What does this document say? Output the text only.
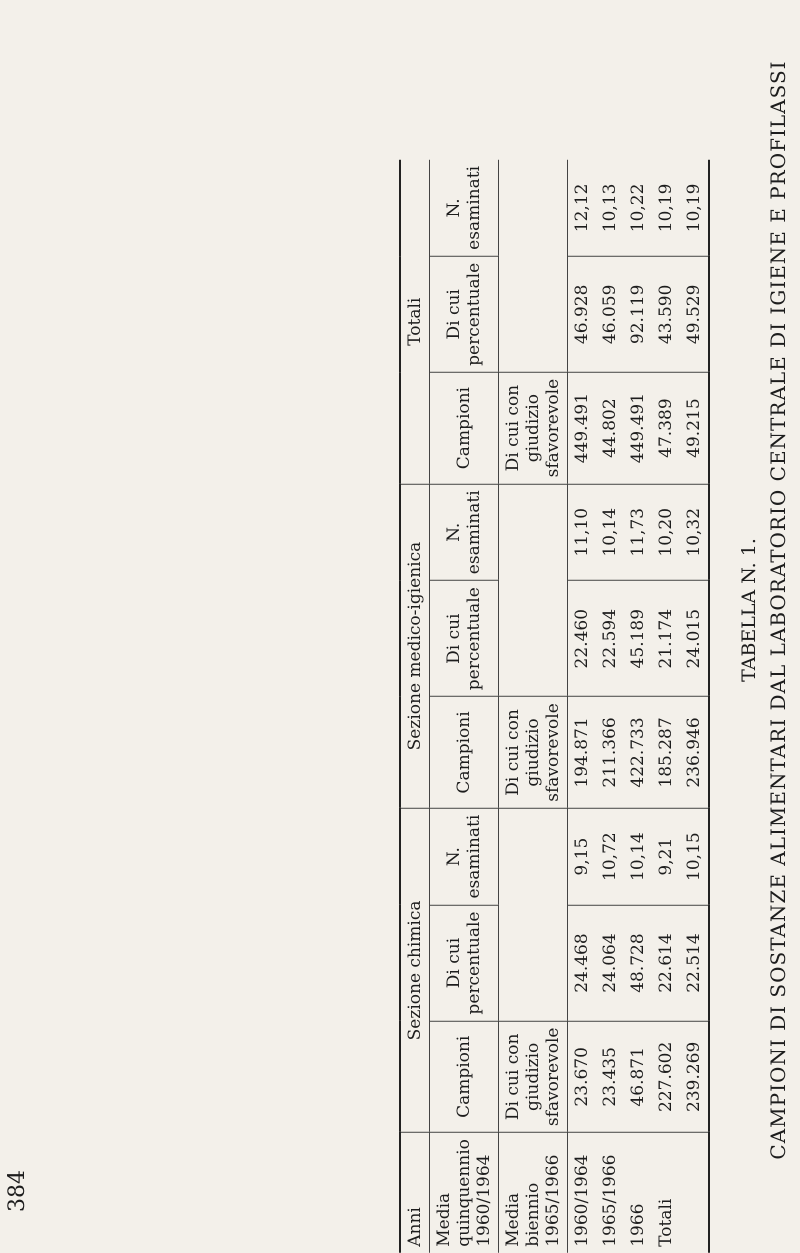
384
CAMPIONI DI SOSTANZE ALIMENTARI DAL LABORATORIO CENTRALE DI IGIENE E PROFILASSI
TABELLA N. 1.
Anni	Sezione chimica			Sezione medico-igienica			Totali		
Media quinquennio 1960/1964	Campioni	Di cui percentuale	N. esaminati	Campioni	Di cui percentuale	N. esaminati	Campioni	Di cui percentuale	N. esaminati
Media biennio 1965/1966	Di cui con giudizio sfavorevole			Di cui con giudizio sfavorevole			Di cui con giudizio sfavorevole		
1960/1964	23.670	24.468	9,15	194.871	22.460	11,10	449.491	46.928	12,12
1965/1966	23.435	24.064	10,72	211.366	22.594	10,14	44.802	46.059	10,13
1966	46.871	48.728	10,14	422.733	45.189	11,73	449.491	92.119	10,22
Totali	227.602	22.614	9,21	185.287	21.174	10,20	47.389	43.590	10,19
	239.269	22.514	10,15	236.946	24.015	10,32	49.215	49.529	10,19
